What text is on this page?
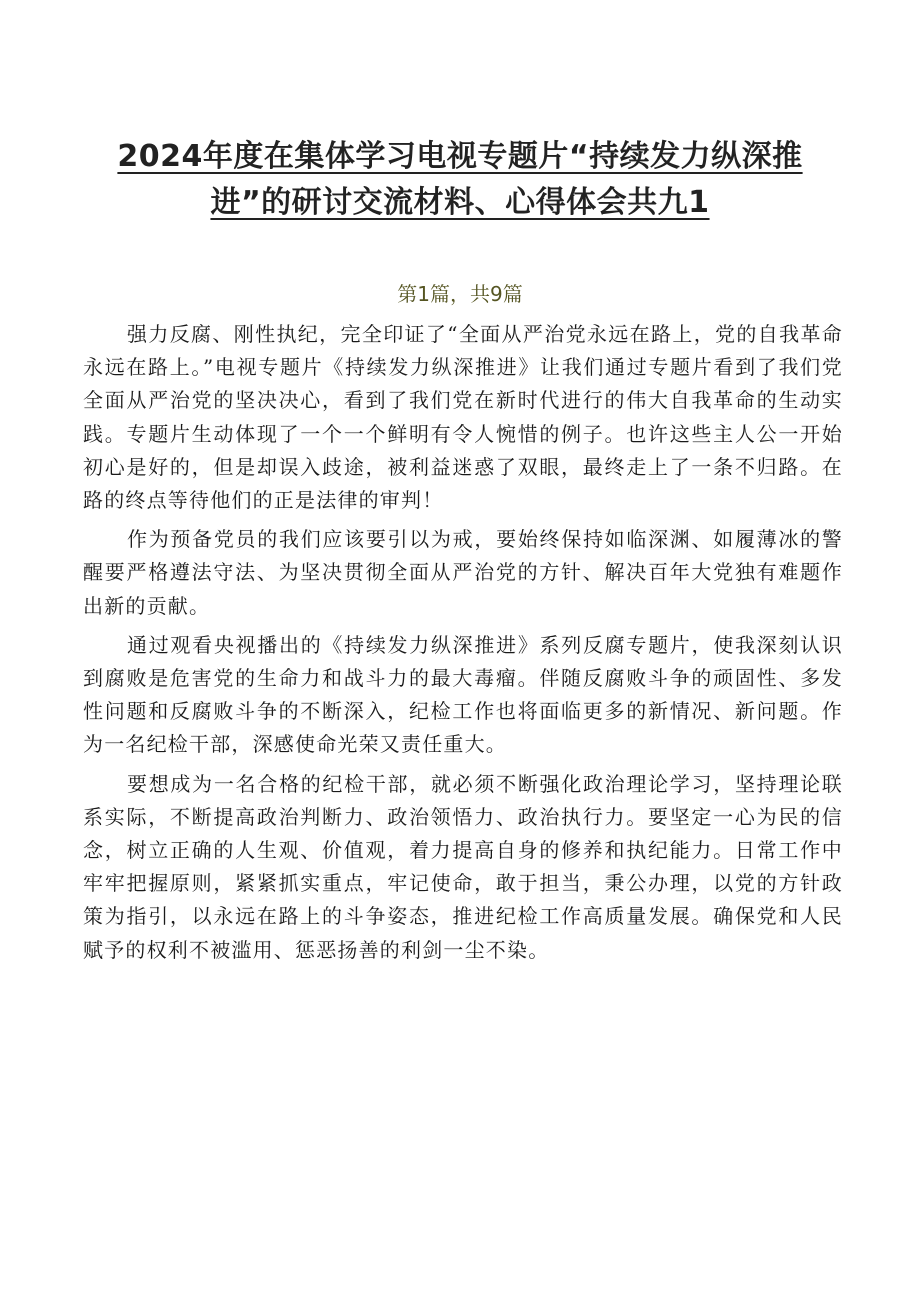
2024年度在集体学习电视专题片“持续发力纵深推进”的研讨交流材料、心得体会共九1
第1篇，共9篇

强力反腐、刚性执纪，完全印证了“全面从严治党永远在路上，党的自我革命永远在路上。”电视专题片《持续发力纵深推进》让我们通过专题片看到了我们党全面从严治党的坚决决心，看到了我们党在新时代进行的伟大自我革命的生动实践。专题片生动体现了一个一个鲜明有令人惋惜的例子。也许这些主人公一开始初心是好的，但是却误入歧途，被利益迷惑了双眼，最终走上了一条不归路。在路的终点等待他们的正是法律的审判！

作为预备党员的我们应该要引以为戒，要始终保持如临深渊、如履薄冰的警醒要严格遵法守法、为坚决贯彻全面从严治党的方针、解决百年大党独有难题作出新的贡献。

通过观看央视播出的《持续发力纵深推进》系列反腐专题片，使我深刻认识到腐败是危害党的生命力和战斗力的最大毒瘤。伴随反腐败斗争的顽固性、多发性问题和反腐败斗争的不断深入，纪检工作也将面临更多的新情况、新问题。作为一名纪检干部，深感使命光荣又责任重大。

要想成为一名合格的纪检干部，就必须不断强化政治理论学习，坚持理论联系实际，不断提高政治判断力、政治领悟力、政治执行力。要坚定一心为民的信念，树立正确的人生观、价值观，着力提高自身的修养和执纪能力。日常工作中牢牢把握原则，紧紧抓实重点，牢记使命，敢于担当，秉公办理，以党的方针政策为指引，以永远在路上的斗争姿态，推进纪检工作高质量发展。确保党和人民赋予的权利不被滥用、惩恶扬善的利剑一尘不染。
